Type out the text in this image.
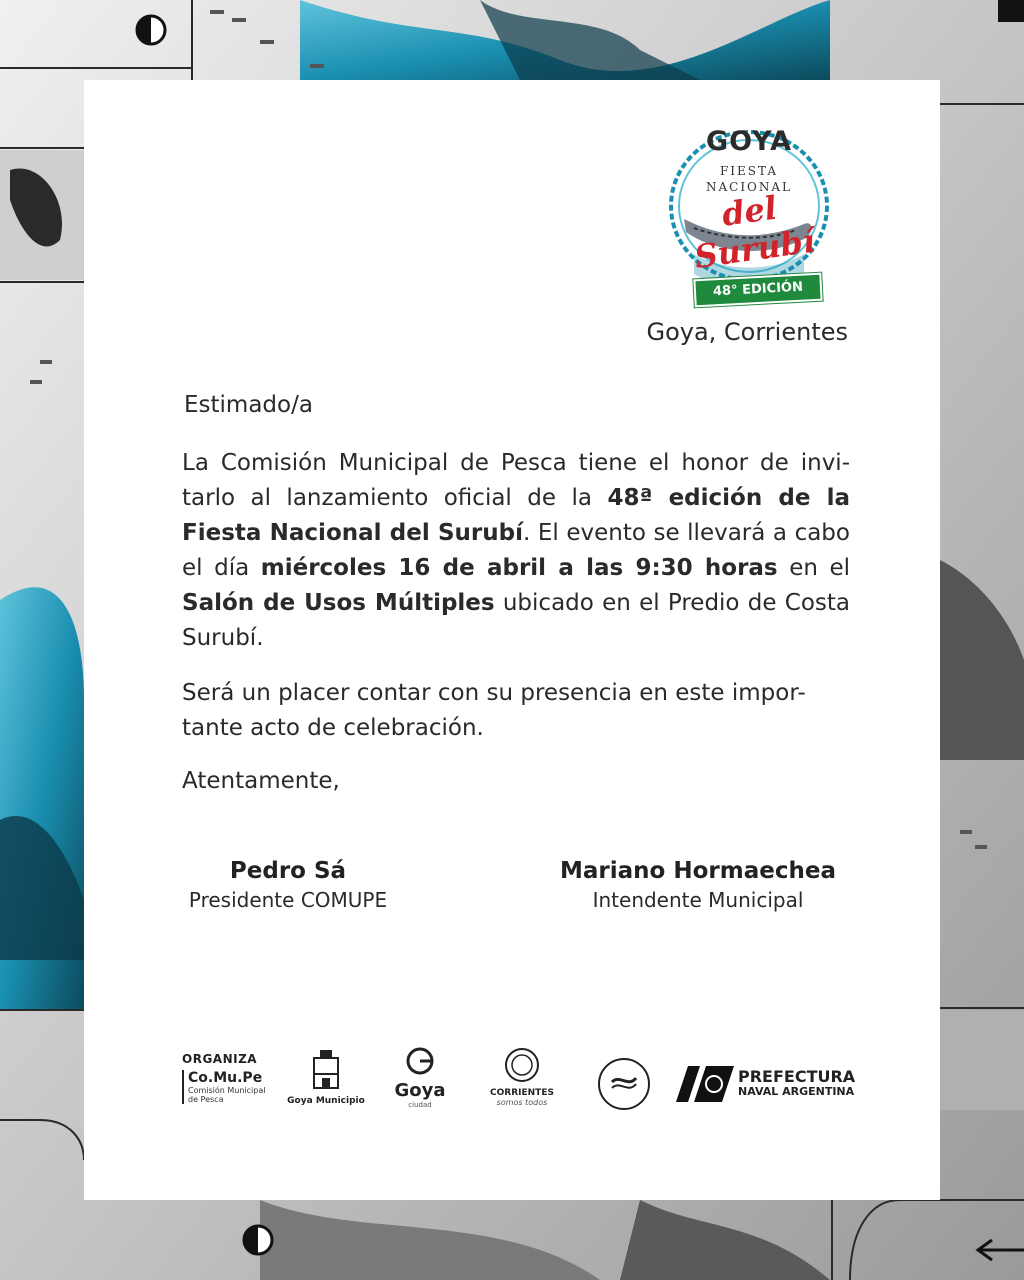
GOYA
FIESTA
NACIONAL
del Surubí
48° EDICIÓN
Goya, Corrientes
Estimado/a
La Comisión Municipal de Pesca tiene el honor de invi-tarlo al lanzamiento oficial de la 48ª edición de la Fiesta Nacional del Surubí. El evento se llevará a cabo el día miércoles 16 de abril a las 9:30 horas en el Salón de Usos Múltiples ubicado en el Predio de Costa Surubí.
Será un placer contar con su presencia en este impor-tante acto de celebración.
Atentamente,
Pedro Sá
Presidente COMUPE
Mariano Hormaechea
Intendente Municipal
ORGANIZA
Co.Mu.Pe
Comisión Municipal de Pesca	Goya Municipio Goya
ciudad
CORRIENTES
somos todos
PREFECTURA
NAVAL ARGENTINA
